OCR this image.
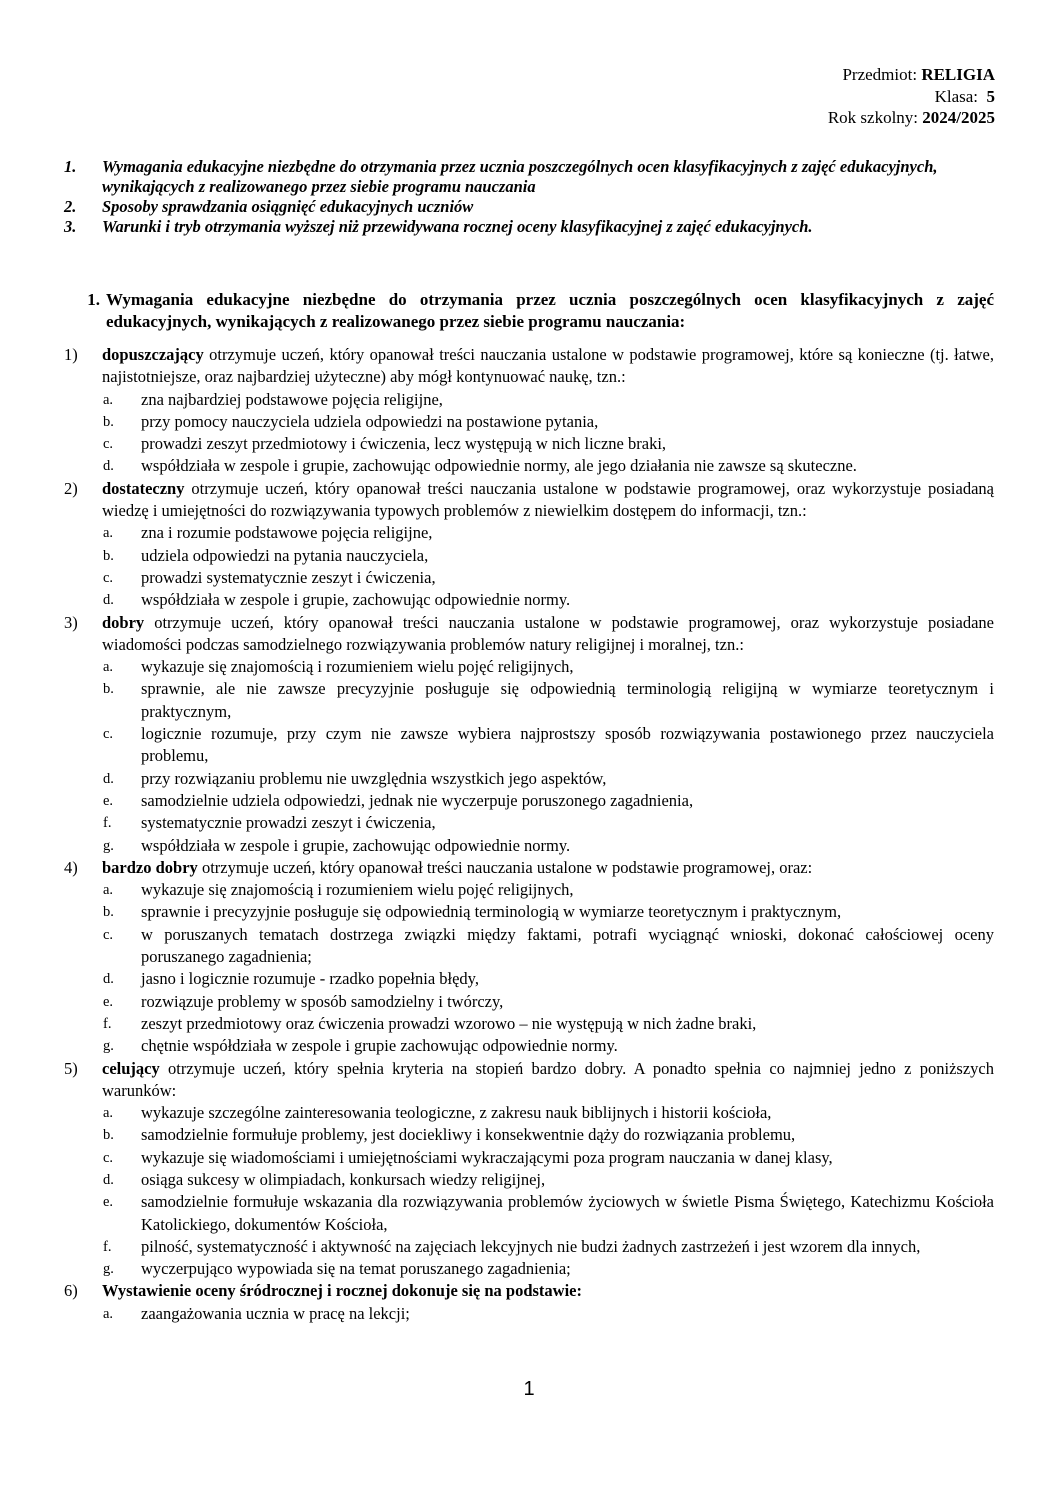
Przedmiot: RELIGIA
Klasa: 5
Rok szkolny: 2024/2025
1.	Wymagania edukacyjne niezbędne do otrzymania przez ucznia poszczególnych ocen klasyfikacyjnych z zajęć edukacyjnych, wynikających z realizowanego przez siebie programu nauczania
2.	Sposoby sprawdzania osiągnięć edukacyjnych uczniów
3.	Warunki i tryb otrzymania wyższej niż przewidywana rocznej oceny klasyfikacyjnej z zajęć edukacyjnych.
1. Wymagania edukacyjne niezbędne do otrzymania przez ucznia poszczególnych ocen klasyfikacyjnych z zajęć edukacyjnych, wynikających z realizowanego przez siebie programu nauczania:
1)	dopuszczający otrzymuje uczeń, który opanował treści nauczania ustalone w podstawie programowej, które są konieczne (tj. łatwe, najistotniejsze, oraz najbardziej użyteczne) aby mógł kontynuować naukę, tzn.:
a.	zna najbardziej podstawowe pojęcia religijne,
b.	przy pomocy nauczyciela udziela odpowiedzi na postawione pytania,
c.	prowadzi zeszyt przedmiotowy i ćwiczenia, lecz występują w nich liczne braki,
d.	współdziała w zespole i grupie, zachowując odpowiednie normy, ale jego działania nie zawsze są skuteczne.
2)	dostateczny otrzymuje uczeń, który opanował treści nauczania ustalone w podstawie programowej, oraz wykorzystuje posiadaną wiedzę i umiejętności do rozwiązywania typowych problemów z niewielkim dostępem do informacji, tzn.:
a.	zna i rozumie podstawowe pojęcia religijne,
b.	udziela odpowiedzi na pytania nauczyciela,
c.	prowadzi systematycznie zeszyt i ćwiczenia,
d.	współdziała w zespole i grupie, zachowując odpowiednie normy.
3)	dobry otrzymuje uczeń, który opanował treści nauczania ustalone w podstawie programowej, oraz wykorzystuje posiadane wiadomości podczas samodzielnego rozwiązywania problemów natury religijnej i moralnej, tzn.:
a.	wykazuje się znajomością i rozumieniem wielu pojęć religijnych,
b.	sprawnie, ale nie zawsze precyzyjnie posługuje się odpowiednią terminologią religijną w wymiarze teoretycznym i praktycznym,
c.	logicznie rozumuje, przy czym nie zawsze wybiera najprostszy sposób rozwiązywania postawionego przez nauczyciela problemu,
d.	przy rozwiązaniu problemu nie uwzględnia wszystkich jego aspektów,
e.	samodzielnie udziela odpowiedzi, jednak nie wyczerpuje poruszonego zagadnienia,
f.	systematycznie prowadzi zeszyt i ćwiczenia,
g.	współdziała w zespole i grupie, zachowując odpowiednie normy.
4)	bardzo dobry otrzymuje uczeń, który opanował treści nauczania ustalone w podstawie programowej, oraz:
a.	wykazuje się znajomością i rozumieniem wielu pojęć religijnych,
b.	sprawnie i precyzyjnie posługuje się odpowiednią terminologią w wymiarze teoretycznym i praktycznym,
c.	w poruszanych tematach dostrzega związki między faktami, potrafi wyciągnąć wnioski, dokonać całościowej oceny poruszanego zagadnienia;
d.	jasno i logicznie rozumuje - rzadko popełnia błędy,
e.	rozwiązuje problemy w sposób samodzielny i twórczy,
f.	zeszyt przedmiotowy oraz ćwiczenia prowadzi wzorowo – nie występują w nich żadne braki,
g.	chętnie współdziała w zespole i grupie zachowując odpowiednie normy.
5)	celujący otrzymuje uczeń, który spełnia kryteria na stopień bardzo dobry. A ponadto spełnia co najmniej jedno z poniższych warunków:
a.	wykazuje szczególne zainteresowania teologiczne, z zakresu nauk biblijnych i historii kościoła,
b.	samodzielnie formułuje problemy, jest dociekliwy i konsekwentnie dąży do rozwiązania problemu,
c.	wykazuje się wiadomościami i umiejętnościami wykraczającymi poza program nauczania w danej klasy,
d.	osiąga sukcesy w olimpiadach, konkursach wiedzy religijnej,
e.	samodzielnie formułuje wskazania dla rozwiązywania problemów życiowych w świetle Pisma Świętego, Katechizmu Kościoła Katolickiego, dokumentów Kościoła,
f.	pilność, systematyczność i aktywność na zajęciach lekcyjnych nie budzi żadnych zastrzeżeń i jest wzorem dla innych,
g.	wyczerpująco wypowiada się na temat poruszanego zagadnienia;
6)	Wystawienie oceny śródrocznej i rocznej dokonuje się na podstawie:
a.	zaangażowania ucznia w pracę na lekcji;
1
